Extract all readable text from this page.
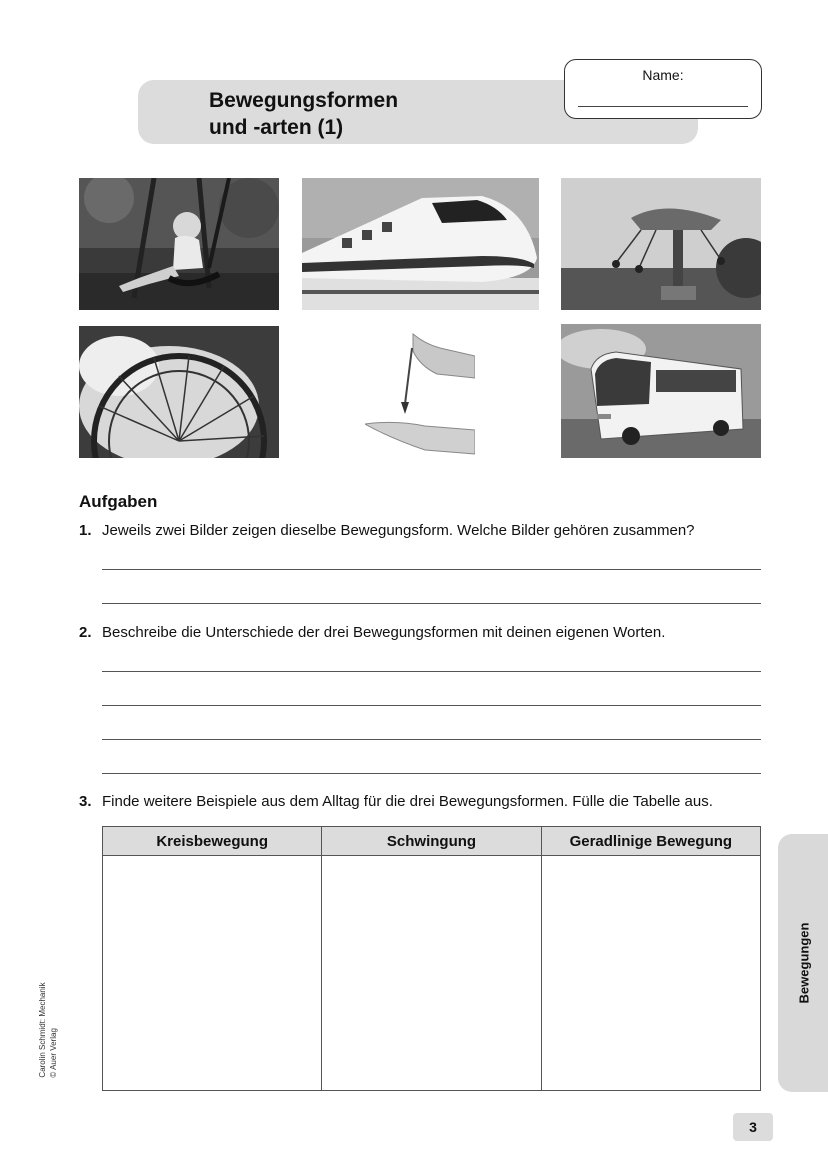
Bewegungsformen
und -arten (1)
Name:
Aufgaben
1. Jeweils zwei Bilder zeigen dieselbe Bewegungsform. Welche Bilder gehören zusammen?
2. Beschreibe die Unterschiede der drei Bewegungsformen mit deinen eigenen Worten.
3. Finde weitere Beispiele aus dem Alltag für die drei Bewegungsformen. Fülle die Tabelle aus.
Kreisbewegung	Schwingung	Geradlinige Bewegung

Bewegungen
Carolin Schmidt: Mechanik © Auer Verlag
3
